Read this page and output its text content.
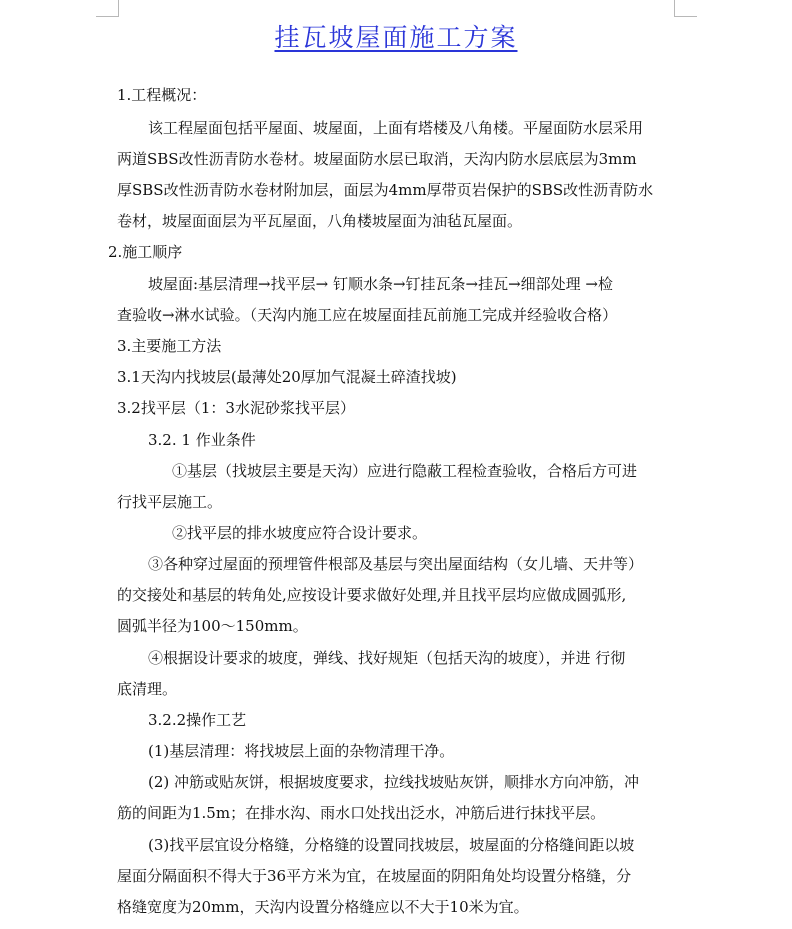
挂瓦坡屋面施工方案
1.工程概况：
该工程屋面包括平屋面、坡屋面，上面有塔楼及八角楼。平屋面防水层采用
两道SBS改性沥青防水卷材。坡屋面防水层已取消，天沟内防水层底层为3mm
厚SBS改性沥青防水卷材附加层，面层为4mm厚带页岩保护的SBS改性沥青防水
卷材，坡屋面面层为平瓦屋面，八角楼坡屋面为油毡瓦屋面。
2.施工顺序
坡屋面:基层清理→找平层→ 钉顺水条→钉挂瓦条→挂瓦→细部处理 →检
查验收→淋水试验。（天沟内施工应在坡屋面挂瓦前施工完成并经验收合格）
3.主要施工方法
3.1天沟内找坡层(最薄处20厚加气混凝土碎渣找坡)
3.2找平层（1：3水泥砂浆找平层）
3.2. 1 作业条件
①基层（找坡层主要是天沟）应进行隐蔽工程检查验收，合格后方可进
行找平层施工。
②找平层的排水坡度应符合设计要求。
③各种穿过屋面的预埋管件根部及基层与突出屋面结构（女儿墙、天井等）
的交接处和基层的转角处,应按设计要求做好处理,并且找平层均应做成圆弧形,
圆弧半径为100～150mm。
④根据设计要求的坡度，弹线、找好规矩（包括天沟的坡度），并进 行彻
底清理。
3.2.2操作工艺
(1)基层清理：将找坡层上面的杂物清理干净。
(2) 冲筋或贴灰饼，根据坡度要求，拉线找坡贴灰饼，顺排水方向冲筋，冲
筋的间距为1.5m；在排水沟、雨水口处找出泛水，冲筋后进行抹找平层。
(3)找平层宜设分格缝，分格缝的设置同找坡层，坡屋面的分格缝间距以坡
屋面分隔面积不得大于36平方米为宜，在坡屋面的阴阳角处均设置分格缝，分
格缝宽度为20mm，天沟内设置分格缝应以不大于10米为宜。
